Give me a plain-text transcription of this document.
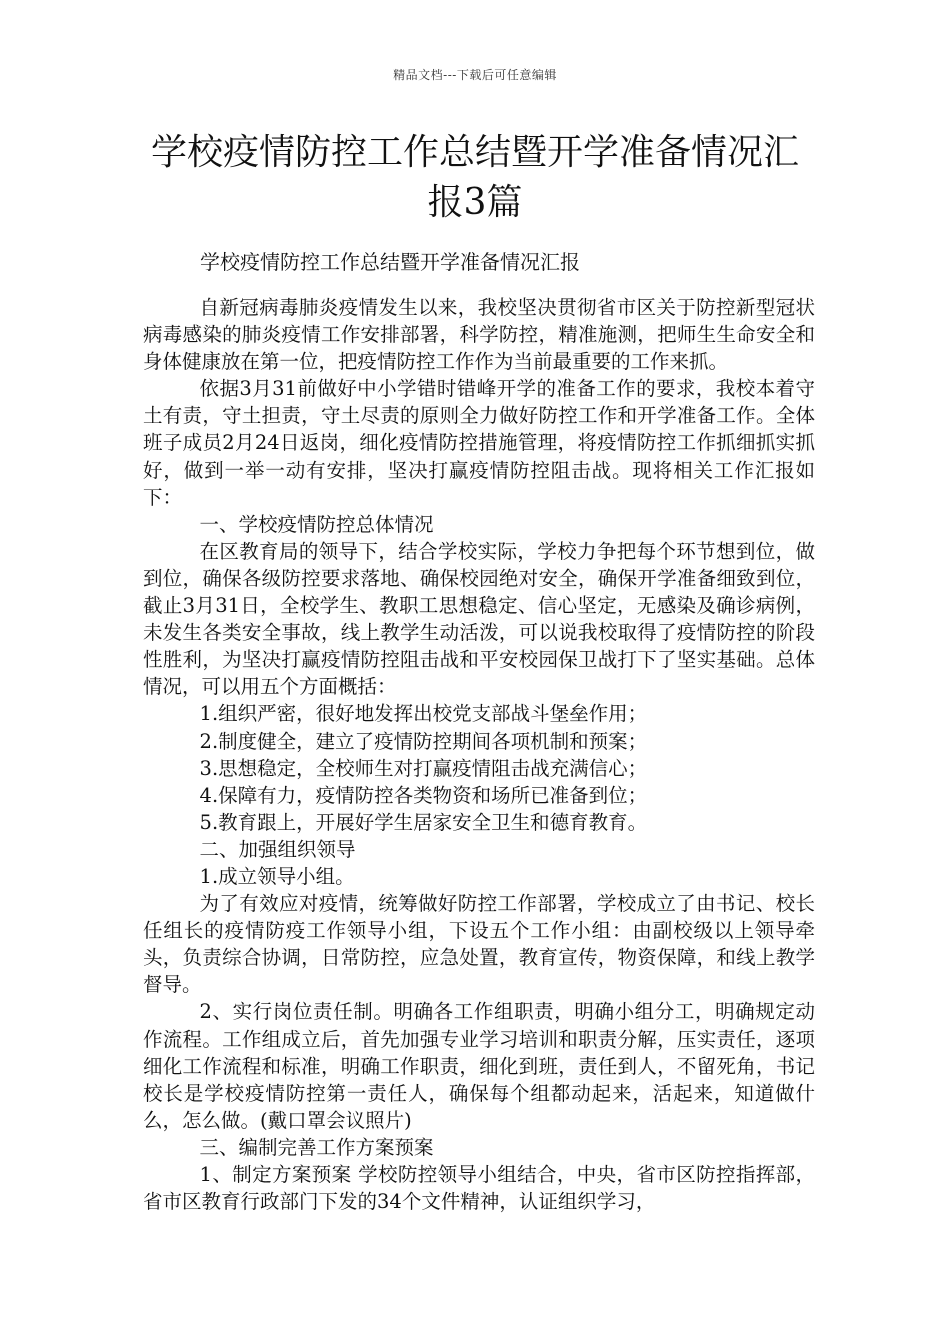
精品文档---下载后可任意编辑
学校疫情防控工作总结暨开学准备情况汇报3篇
学校疫情防控工作总结暨开学准备情况汇报

自新冠病毒肺炎疫情发生以来，我校坚决贯彻省市区关于防控新型冠状病毒感染的肺炎疫情工作安排部署，科学防控，精准施测，把师生生命安全和身体健康放在第一位，把疫情防控工作作为当前最重要的工作来抓。

依据3月31前做好中小学错时错峰开学的准备工作的要求，我校本着守土有责，守土担责，守土尽责的原则全力做好防控工作和开学准备工作。全体班子成员2月24日返岗，细化疫情防控措施管理，将疫情防控工作抓细抓实抓好，做到一举一动有安排，坚决打赢疫情防控阻击战。现将相关工作汇报如下：

一、学校疫情防控总体情况

在区教育局的领导下，结合学校实际，学校力争把每个环节想到位，做到位，确保各级防控要求落地、确保校园绝对安全，确保开学准备细致到位，截止3月31日，全校学生、教职工思想稳定、信心坚定，无感染及确诊病例，未发生各类安全事故，线上教学生动活泼，可以说我校取得了疫情防控的阶段性胜利，为坚决打赢疫情防控阻击战和平安校园保卫战打下了坚实基础。总体情况，可以用五个方面概括：

1.组织严密，很好地发挥出校党支部战斗堡垒作用；

2.制度健全，建立了疫情防控期间各项机制和预案；

3.思想稳定，全校师生对打赢疫情阻击战充满信心；

4.保障有力，疫情防控各类物资和场所已准备到位；

5.教育跟上，开展好学生居家安全卫生和德育教育。

二、加强组织领导

1.成立领导小组。

为了有效应对疫情，统筹做好防控工作部署，学校成立了由书记、校长任组长的疫情防疫工作领导小组，下设五个工作小组：由副校级以上领导牵头，负责综合协调，日常防控，应急处置，教育宣传，物资保障，和线上教学督导。

2、实行岗位责任制。明确各工作组职责，明确小组分工，明确规定动作流程。工作组成立后，首先加强专业学习培训和职责分解，压实责任，逐项细化工作流程和标准，明确工作职责，细化到班，责任到人，不留死角，书记校长是学校疫情防控第一责任人，确保每个组都动起来，活起来，知道做什么，怎么做。(戴口罩会议照片)

三、编制完善工作方案预案

1、制定方案预案 学校防控领导小组结合，中央，省市区防控指挥部，省市区教育行政部门下发的34个文件精神，认证组织学习，
